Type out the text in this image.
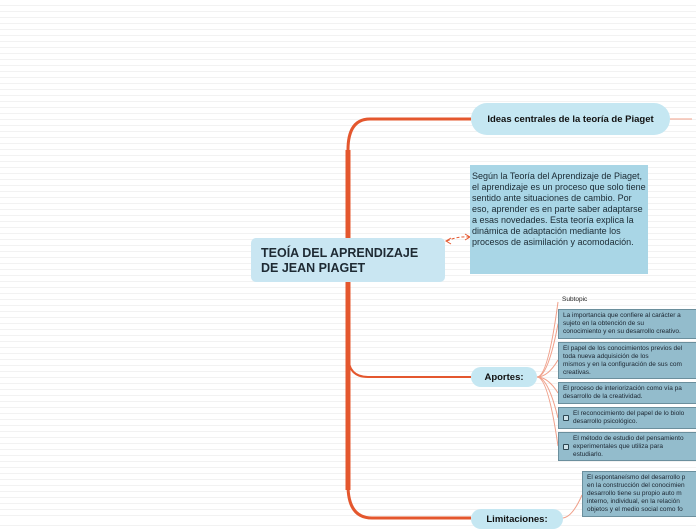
TEOÍA DEL APRENDIZAJE DE JEAN PIAGET
Ideas centrales de la teoría de Piaget
Según la Teoría del Aprendizaje de Piaget, el aprendizaje es un proceso que solo tiene sentido ante situaciones de cambio. Por eso, aprender es en parte saber adaptarse a esas novedades. Esta teoría explica la dinámica de adaptación mediante los procesos de asimilación y acomodación.
Aportes:
Limitaciones:
Subtopic
La importancia que confiere al carácter a
sujeto en la obtención de su
conocimiento y en su desarrollo creativo.
El papel de los conocimientos previos del
toda nueva adquisición de los
mismos y en la configuración de sus com
creativas.
El proceso de interiorización como vía pa
desarrollo de la creatividad.
El reconocimiento del papel de lo biolo
desarrollo psicológico.
El método de estudio del pensamiento
experimentales que utiliza para
estudiarlo.
El espontaneísmo del desarrollo p
en la construcción del conocimien
desarrollo tiene su propio auto m
interno, individual, en la relación
objetos y el medio social como fo
